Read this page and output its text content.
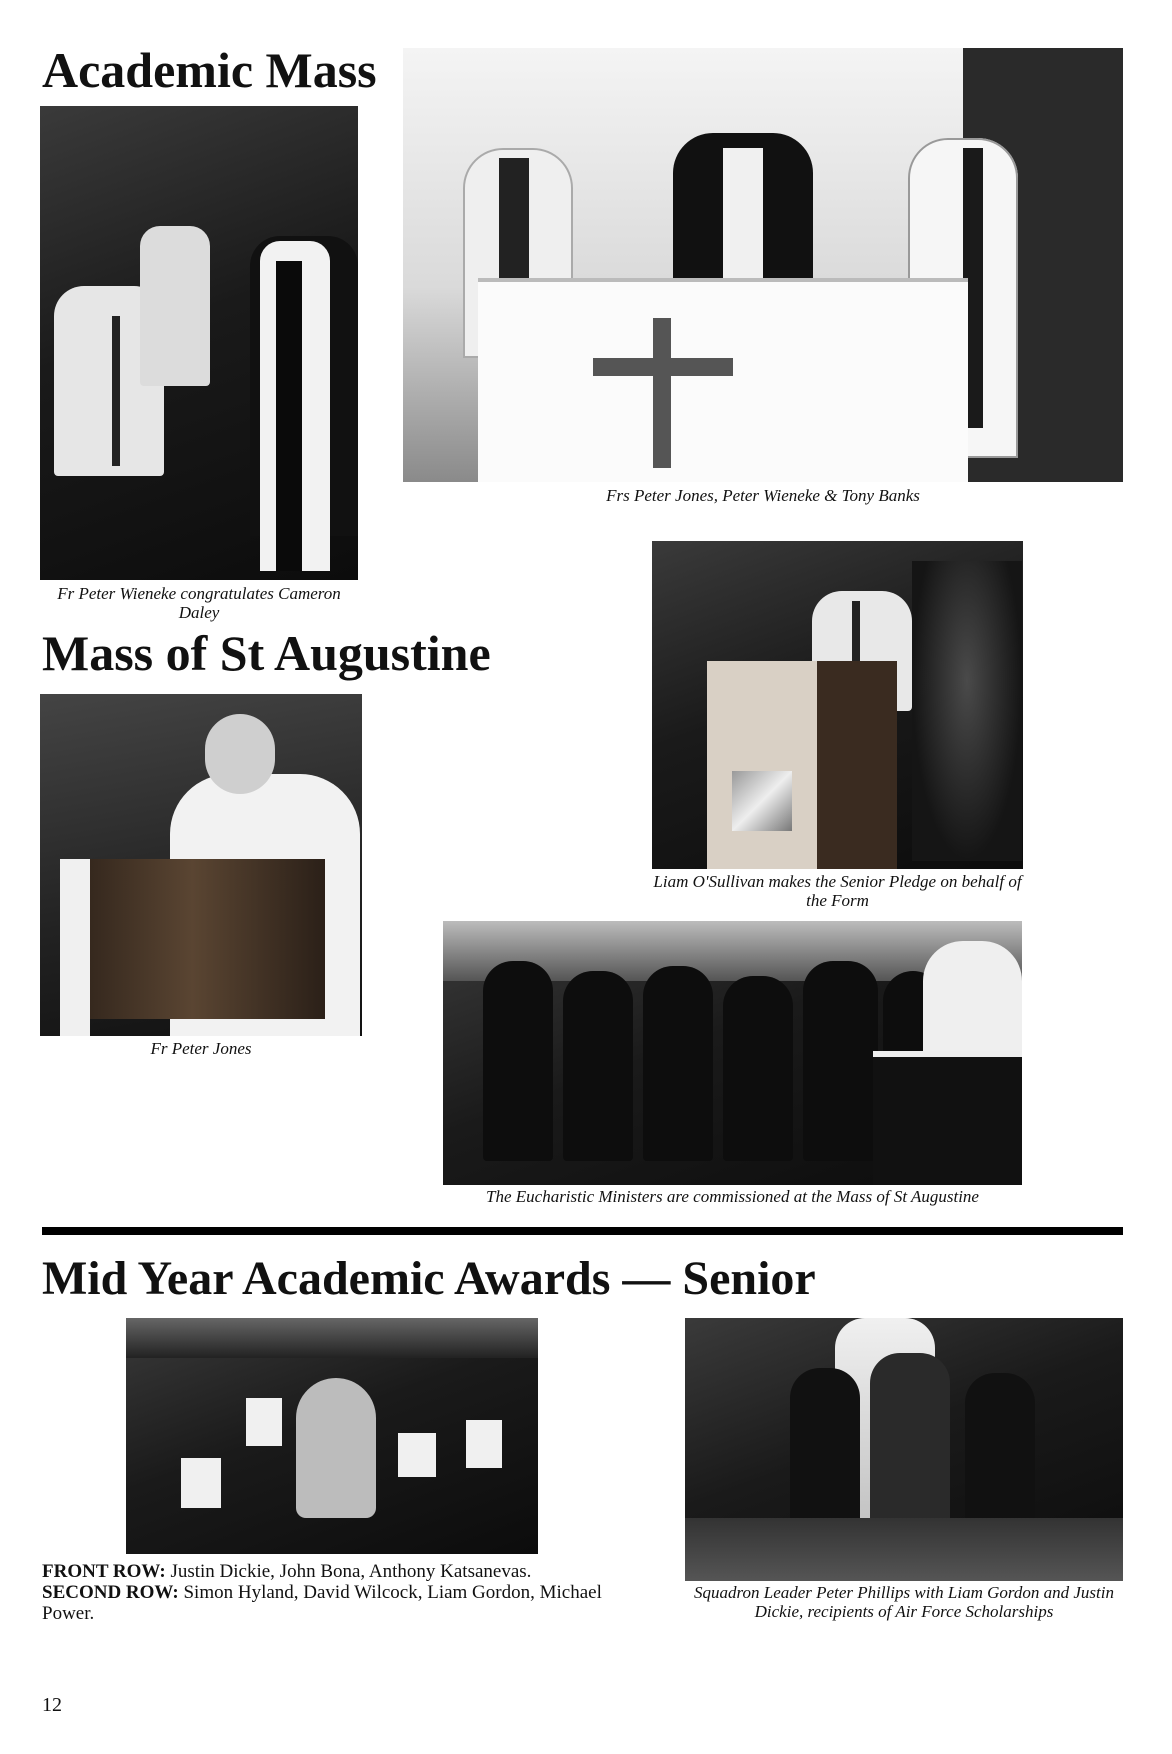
Academic Mass
Fr Peter Wieneke congratulates Cameron Daley
Frs Peter Jones, Peter Wieneke & Tony Banks
Mass of St Augustine
Liam O'Sullivan makes the Senior Pledge on behalf of the Form
Fr Peter Jones
The Eucharistic Ministers are commissioned at the Mass of St Augustine
Mid Year Academic Awards — Senior
FRONT ROW: Justin Dickie, John Bona, Anthony Katsanevas.
SECOND ROW: Simon Hyland, David Wilcock, Liam Gordon, Michael Power.
Squadron Leader Peter Phillips with Liam Gordon and Justin Dickie, recipients of Air Force Scholarships
12
